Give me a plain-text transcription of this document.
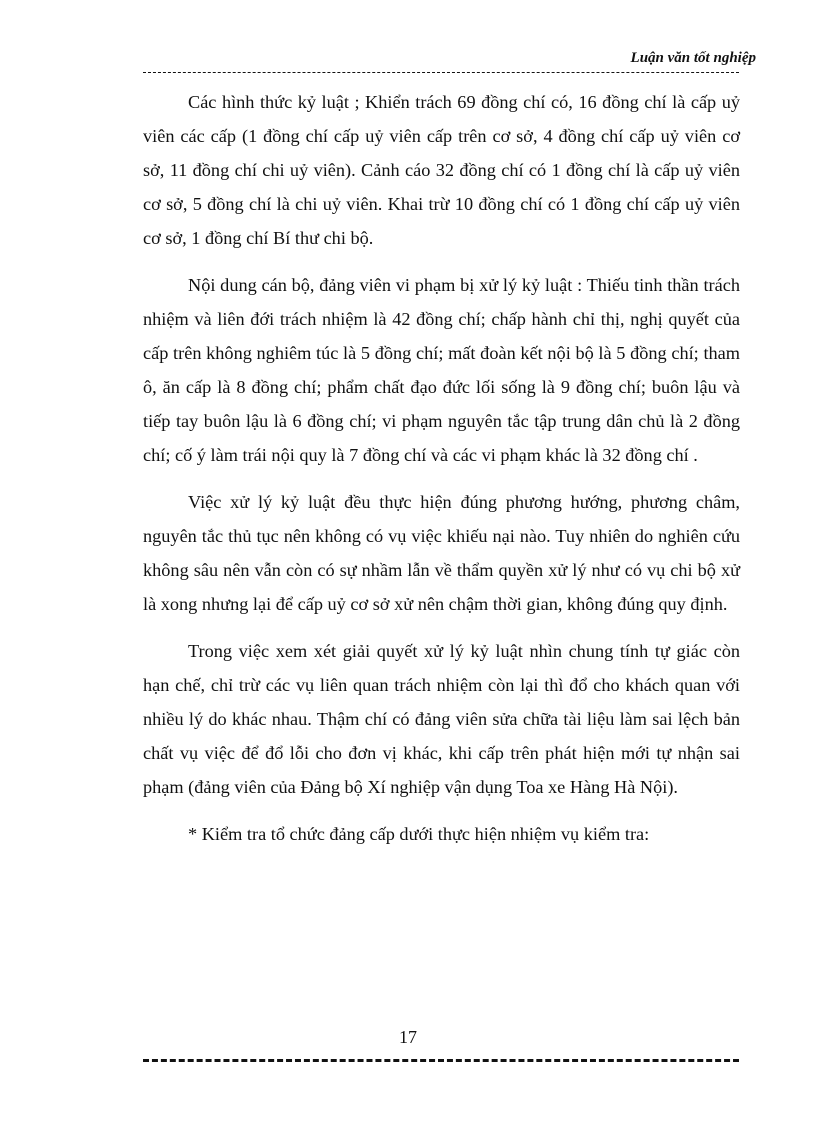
Luận văn tốt nghiệp

Các hình thức kỷ luật ; Khiển trách 69 đồng chí có, 16 đồng chí là cấp uỷ viên các cấp (1 đồng chí cấp uỷ viên cấp trên cơ sở, 4 đồng chí cấp uỷ viên cơ sở, 11 đồng chí chi uỷ viên). Cảnh cáo 32 đồng chí có 1 đồng chí là cấp uỷ viên cơ sở, 5 đồng chí là chi uỷ viên. Khai trừ 10 đồng chí có 1 đồng chí cấp uỷ viên cơ sở, 1 đồng chí Bí thư chi bộ.

Nội dung cán bộ, đảng viên vi phạm bị xử lý kỷ luật : Thiếu tinh thần trách nhiệm và liên đới trách nhiệm là 42 đồng chí; chấp hành chỉ thị, nghị quyết của cấp trên không nghiêm túc là 5 đồng chí; mất đoàn kết nội bộ là 5 đồng chí; tham ô, ăn cấp là 8 đồng chí; phẩm chất đạo đức lối sống là 9 đồng chí; buôn lậu và tiếp tay buôn lậu là 6 đồng chí; vi phạm nguyên tắc tập trung dân chủ là 2 đồng chí; cố ý làm trái nội quy là 7 đồng chí và các vi phạm khác là 32 đồng chí .

Việc xử lý kỷ luật đều thực hiện đúng phương hướng, phương châm, nguyên tắc thủ tục nên không có vụ việc khiếu nại nào. Tuy nhiên do nghiên cứu không sâu nên vẫn còn có sự nhầm lẫn về thẩm quyền xử lý như có vụ chi bộ xử là xong nhưng lại để cấp uỷ cơ sở xử nên chậm thời gian, không đúng quy định.

Trong việc xem xét giải quyết xử lý kỷ luật nhìn chung tính tự giác còn hạn chế, chỉ trừ các vụ liên quan trách nhiệm còn lại thì đổ cho khách quan với nhiều lý do khác nhau. Thậm chí có đảng viên sửa chữa tài liệu làm sai lệch bản chất vụ việc để đổ lỗi cho đơn vị khác, khi cấp trên phát hiện mới tự nhận sai phạm (đảng viên của Đảng bộ Xí nghiệp vận dụng Toa xe Hàng Hà Nội).

* Kiểm tra tổ chức đảng cấp dưới thực hiện nhiệm vụ kiểm tra:

17
